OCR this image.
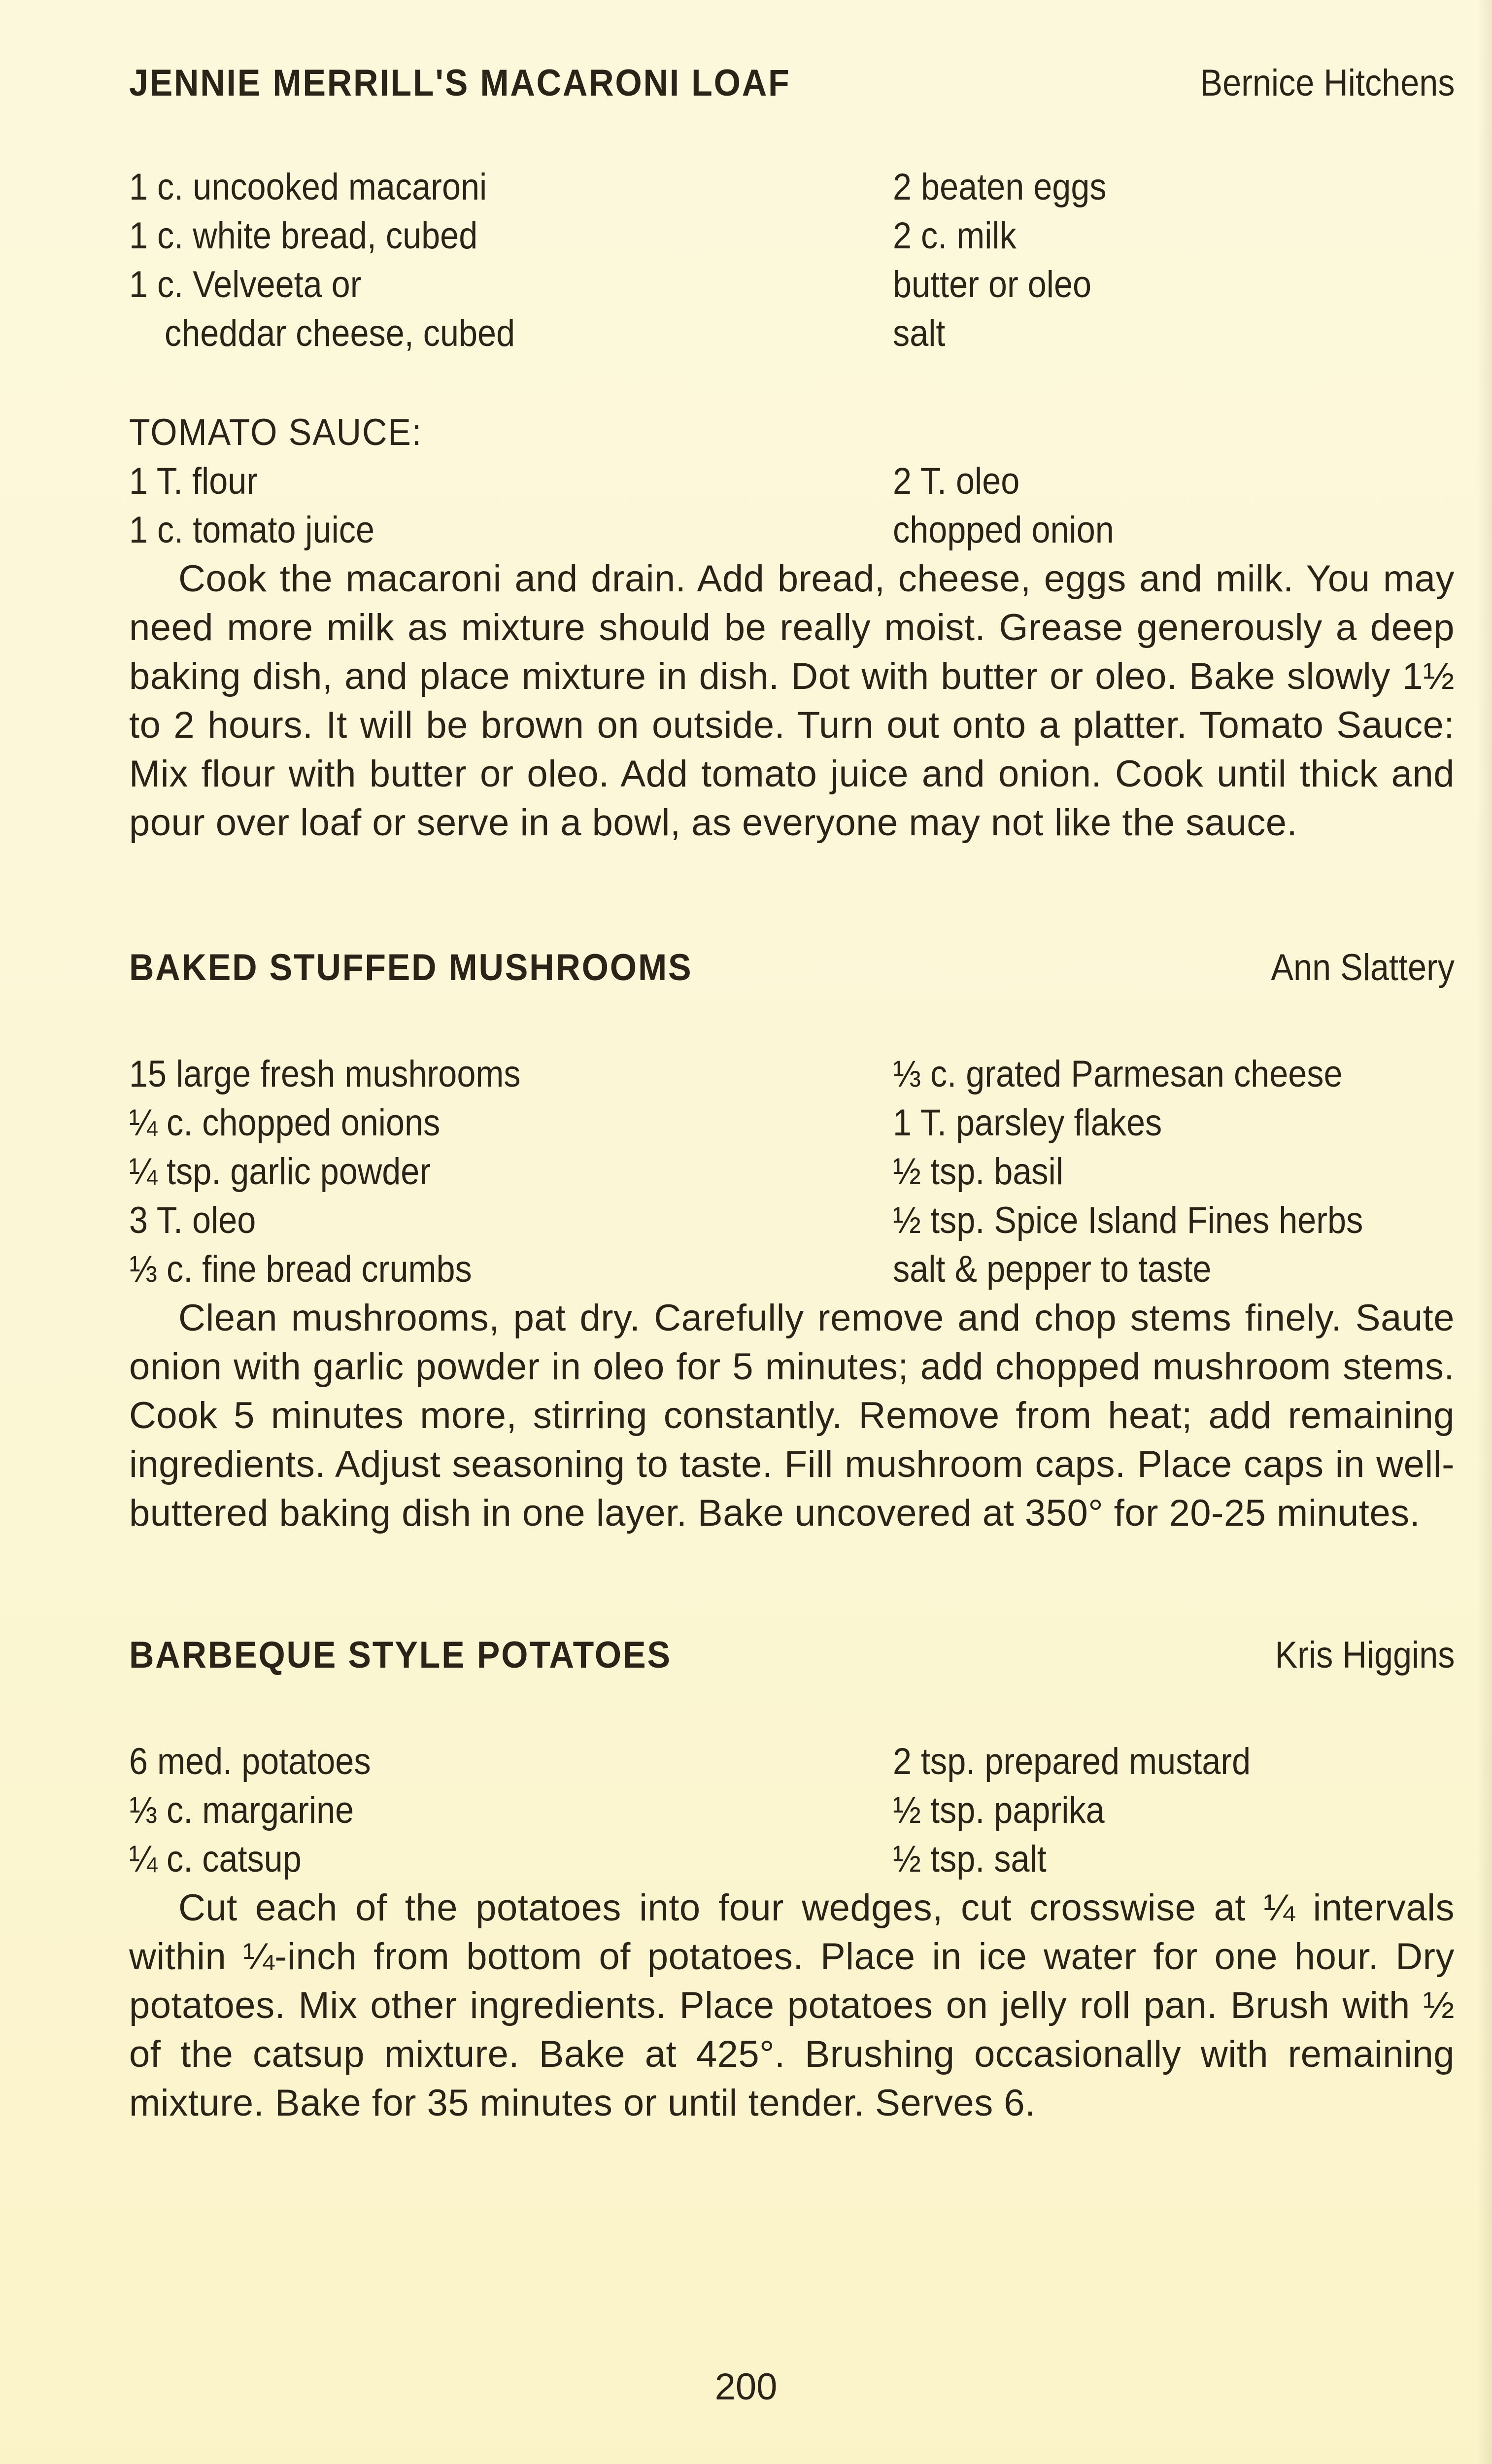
JENNIE MERRILL'S MACARONI LOAF	Bernice Hitchens
1 c. uncooked macaroni
1 c. white bread, cubed
1 c. Velveeta or
cheddar cheese, cubed
2 beaten eggs
2 c. milk
butter or oleo
salt
TOMATO SAUCE:
1 T. flour
1 c. tomato juice
2 T. oleo
chopped onion

Cook the macaroni and drain. Add bread, cheese, eggs and milk. You may need more milk as mixture should be really moist. Grease generously a deep baking dish, and place mixture in dish. Dot with butter or oleo. Bake slowly 1½ to 2 hours. It will be brown on outside. Turn out onto a platter. Tomato Sauce: Mix flour with butter or oleo. Add tomato juice and onion. Cook until thick and pour over loaf or serve in a bowl, as everyone may not like the sauce.

BAKED STUFFED MUSHROOMS	Ann Slattery
15 large fresh mushrooms
¼ c. chopped onions
¼ tsp. garlic powder
3 T. oleo
⅓ c. fine bread crumbs
⅓ c. grated Parmesan cheese
1 T. parsley flakes
½ tsp. basil
½ tsp. Spice Island Fines herbs
salt & pepper to taste

Clean mushrooms, pat dry. Carefully remove and chop stems finely. Saute onion with garlic powder in oleo for 5 minutes; add chopped mushroom stems. Cook 5 minutes more, stirring constantly. Remove from heat; add remaining ingredients. Adjust seasoning to taste. Fill mushroom caps. Place caps in well-buttered baking dish in one layer. Bake uncovered at 350° for 20-25 minutes.

BARBEQUE STYLE POTATOES	Kris Higgins
6 med. potatoes
⅓ c. margarine
¼ c. catsup
2 tsp. prepared mustard
½ tsp. paprika
½ tsp. salt

Cut each of the potatoes into four wedges, cut crosswise at ¼ intervals within ¼-inch from bottom of potatoes. Place in ice water for one hour. Dry potatoes. Mix other ingredients. Place potatoes on jelly roll pan. Brush with ½ of the catsup mixture. Bake at 425°. Brushing occasionally with remaining mixture. Bake for 35 minutes or until tender. Serves 6.

200
